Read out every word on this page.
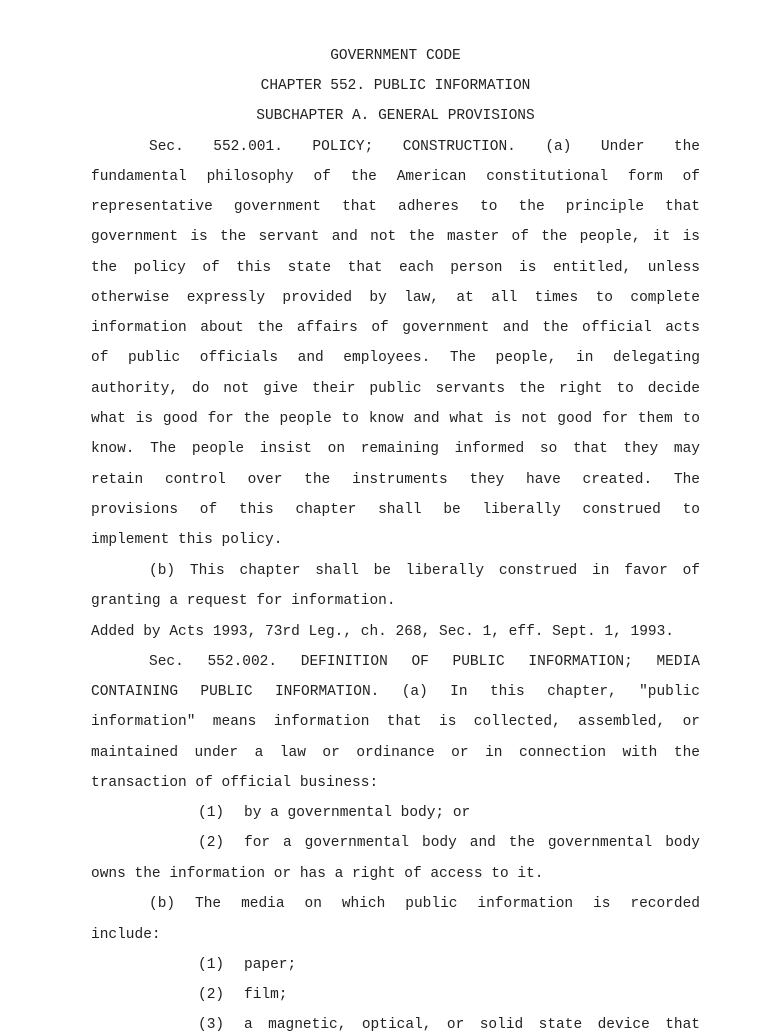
GOVERNMENT CODE
CHAPTER 552. PUBLIC INFORMATION
SUBCHAPTER A. GENERAL PROVISIONS
Sec. 552.001. POLICY; CONSTRUCTION. (a) Under the
fundamental philosophy of the American constitutional form of
representative government that adheres to the principle that
government is the servant and not the master of the people, it is
the policy of this state that each person is entitled, unless
otherwise expressly provided by law, at all times to complete
information about the affairs of government and the official acts
of public officials and employees. The people, in delegating
authority, do not give their public servants the right to decide
what is good for the people to know and what is not good for them to
know. The people insist on remaining informed so that they may
retain control over the instruments they have created. The
provisions of this chapter shall be liberally construed to
implement this policy.
(b) This chapter shall be liberally construed in favor of
granting a request for information.
Added by Acts 1993, 73rd Leg., ch. 268, Sec. 1, eff. Sept. 1, 1993.
Sec. 552.002. DEFINITION OF PUBLIC INFORMATION; MEDIA
CONTAINING PUBLIC INFORMATION. (a) In this chapter, "public
information" means information that is collected, assembled, or
maintained under a law or ordinance or in connection with the
transaction of official business:
(1) by a governmental body; or
(2) for a governmental body and the governmental body
owns the information or has a right of access to it.
(b) The media on which public information is recorded
include:
(1) paper;
(2) film;
(3) a magnetic, optical, or solid state device that
